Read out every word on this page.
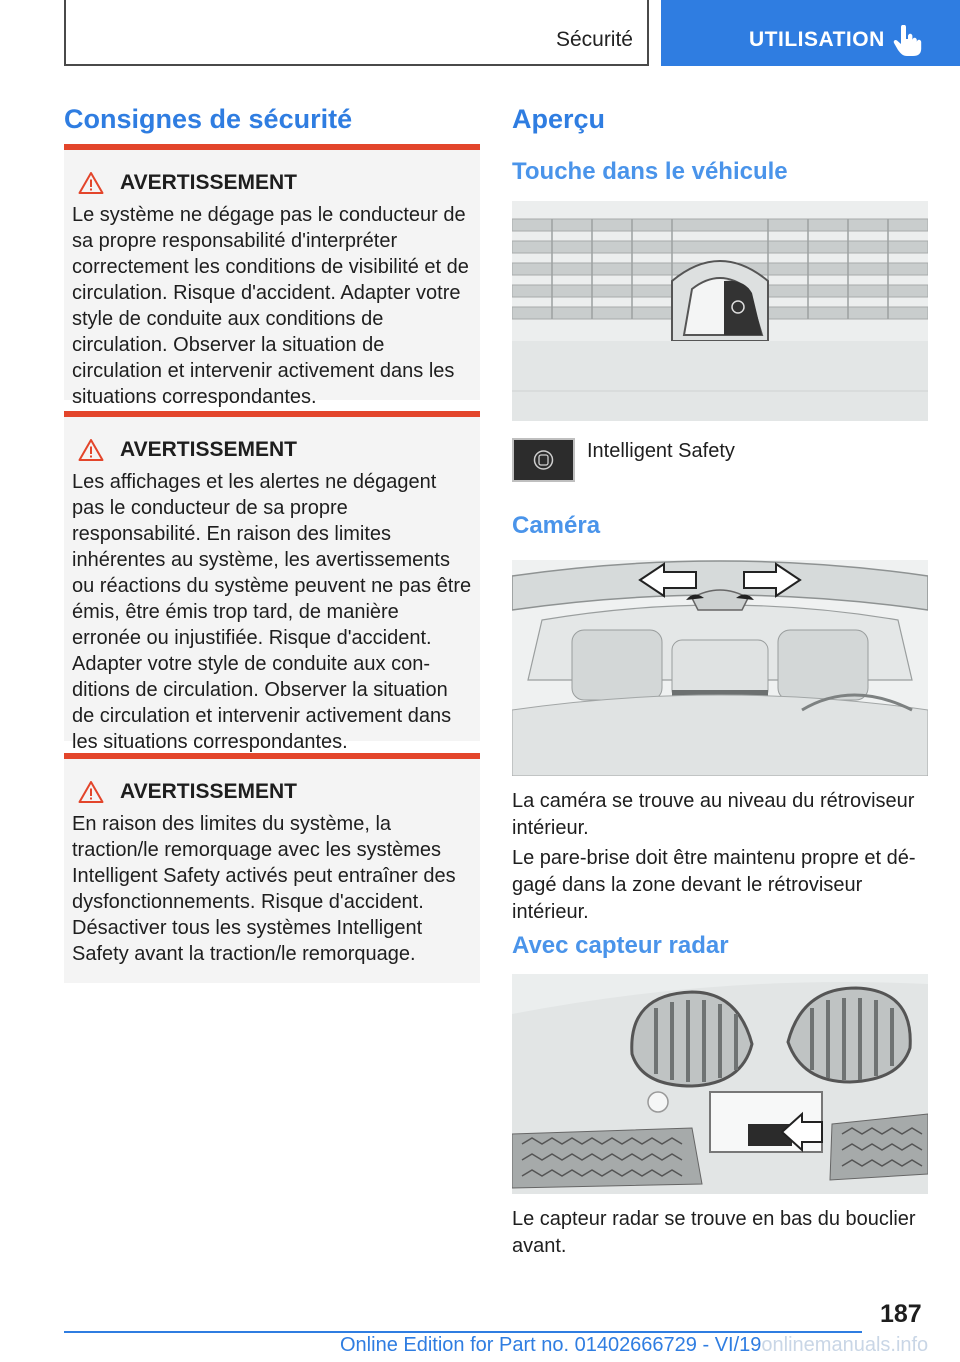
Sécurité	UTILISATION
Consignes de sécurité
AVERTISSEMENT

Le système ne dégage pas le conducteur de sa propre responsabilité d'interpréter correctement les conditions de visibilité et de circulation. Risque d'accident. Adapter votre style de conduite aux conditions de circulation. Observer la situation de circulation et intervenir activement dans les situations correspondantes.

AVERTISSEMENT

Les affichages et les alertes ne dégagent pas le conducteur de sa propre responsabilité. En raison des limites inhérentes au système, les avertissements ou réactions du système peuvent ne pas être émis, être émis trop tard, de manière erronée ou injustifiée. Risque d'accident. Adapter votre style de conduite aux conditions de circulation. Observer la situation de circulation et intervenir activement dans les situations correspondantes.

AVERTISSEMENT

En raison des limites du système, la traction/le remorquage avec les systèmes Intelligent Safety activés peut entraîner des dysfonctionnements. Risque d'accident. Désactiver tous les systèmes Intelligent Safety avant la traction/le remorquage.

Aperçu
Touche dans le véhicule
Intelligent Safety
Caméra

La caméra se trouve au niveau du rétroviseur intérieur.

Le pare-brise doit être maintenu propre et dégagé dans la zone devant le rétroviseur intérieur.

Avec capteur radar

Le capteur radar se trouve en bas du bouclier avant.

187
Online Edition for Part no. 01402666729 - VI/19onlinemanuals.info
